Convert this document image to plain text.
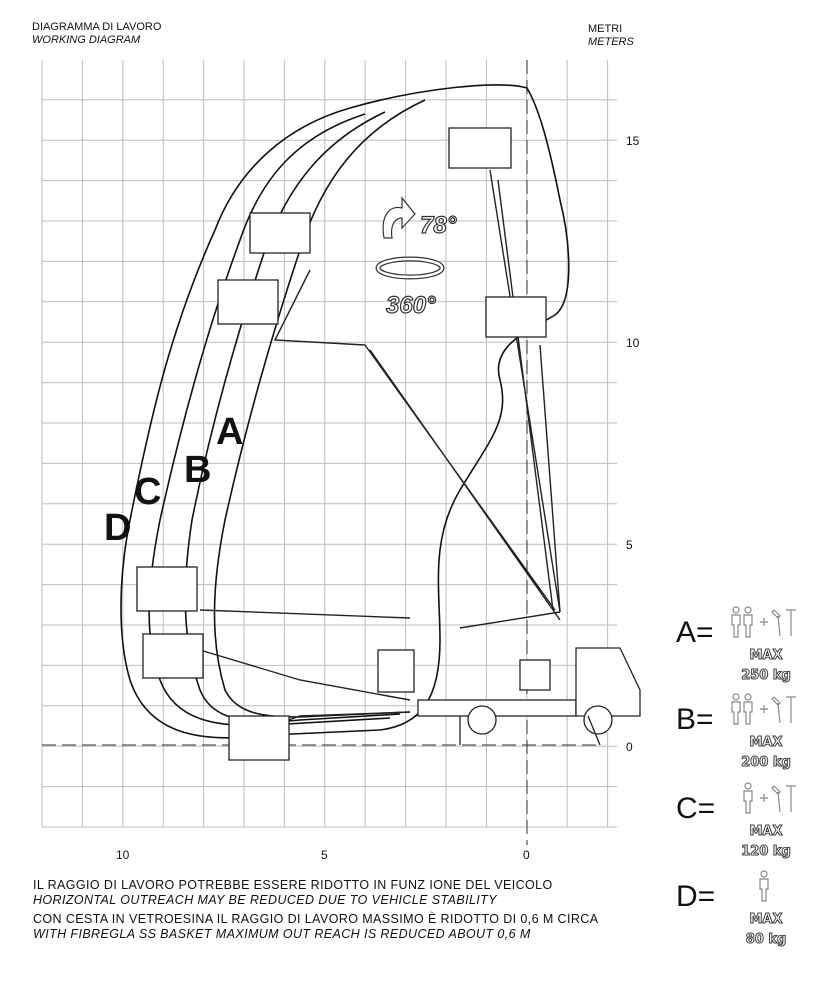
DIAGRAMMA DI LAVORO
WORKING DIAGRAM
METRI
METERS
15
10
5
0
10	5	0
A
B
C
D
78°
360°
IL RAGGIO DI LAVORO POTREBBE ESSERE RIDOTTO IN FUNZ IONE DEL VEICOLO
HORIZONTAL OUTREACH MAY BE REDUCED DUE TO VEHICLE STABILITY
CON CESTA IN VETROESINA IL RAGGIO DI LAVORO MASSIMO È RIDOTTO DI 0,6 M CIRCA
WITH FIBREGLA SS BASKET MAXIMUM OUT REACH IS REDUCED ABOUT 0,6 M
A=
MAX
250 kg
B=
MAX
200 kg
C=
MAX
120 kg
D=
MAX
80 kg
